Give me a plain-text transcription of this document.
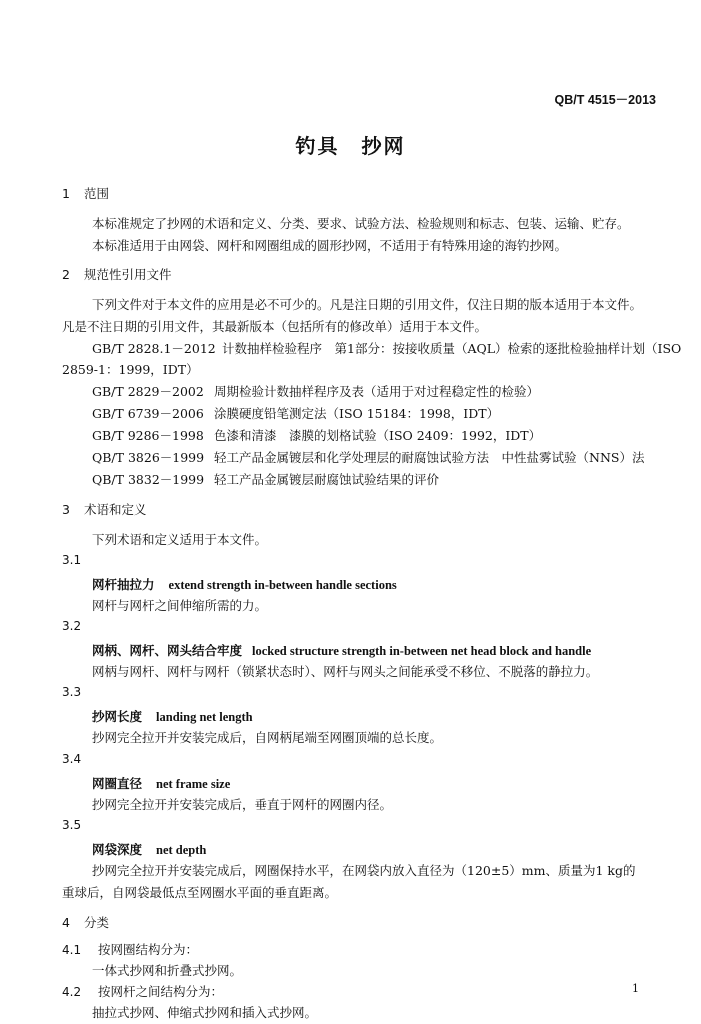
QB/T 4515－2013
钓具　抄网
1 范围
本标准规定了抄网的术语和定义、分类、要求、试验方法、检验规则和标志、包装、运输、贮存。
本标准适用于由网袋、网杆和网圈组成的圆形抄网，不适用于有特殊用途的海钓抄网。
2 规范性引用文件
下列文件对于本文件的应用是必不可少的。凡是注日期的引用文件，仅注日期的版本适用于本文件。
凡是不注日期的引用文件，其最新版本（包括所有的修改单）适用于本文件。
GB/T 2828.1－2012 计数抽样检验程序　第1部分：按接收质量（AQL）检索的逐批检验抽样计划（ISO
2859-1：1999，IDT）
GB/T 2829－2002 周期检验计数抽样程序及表（适用于对过程稳定性的检验）
GB/T 6739－2006 涂膜硬度铅笔测定法（ISO 15184：1998，IDT）
GB/T 9286－1998 色漆和清漆　漆膜的划格试验（ISO 2409：1992，IDT）
QB/T 3826－1999 轻工产品金属镀层和化学处理层的耐腐蚀试验方法　中性盐雾试验（NNS）法
QB/T 3832－1999 轻工产品金属镀层耐腐蚀试验结果的评价
3 术语和定义
下列术语和定义适用于本文件。
3.1
网杆抽拉力 extend strength in-between handle sections
网杆与网杆之间伸缩所需的力。
3.2
网柄、网杆、网头结合牢度 locked structure strength in-between net head block and handle
网柄与网杆、网杆与网杆（锁紧状态时）、网杆与网头之间能承受不移位、不脱落的静拉力。
3.3
抄网长度 landing net length
抄网完全拉开并安装完成后，自网柄尾端至网圈顶端的总长度。
3.4
网圈直径 net frame size
抄网完全拉开并安装完成后，垂直于网杆的网圈内径。
3.5
网袋深度 net depth
抄网完全拉开并安装完成后，网圈保持水平，在网袋内放入直径为（120±5）mm、质量为1 kg的
重球后，自网袋最低点至网圈水平面的垂直距离。
4 分类
4.1 按网圈结构分为：
一体式抄网和折叠式抄网。
4.2 按网杆之间结构分为：
抽拉式抄网、伸缩式抄网和插入式抄网。
1
